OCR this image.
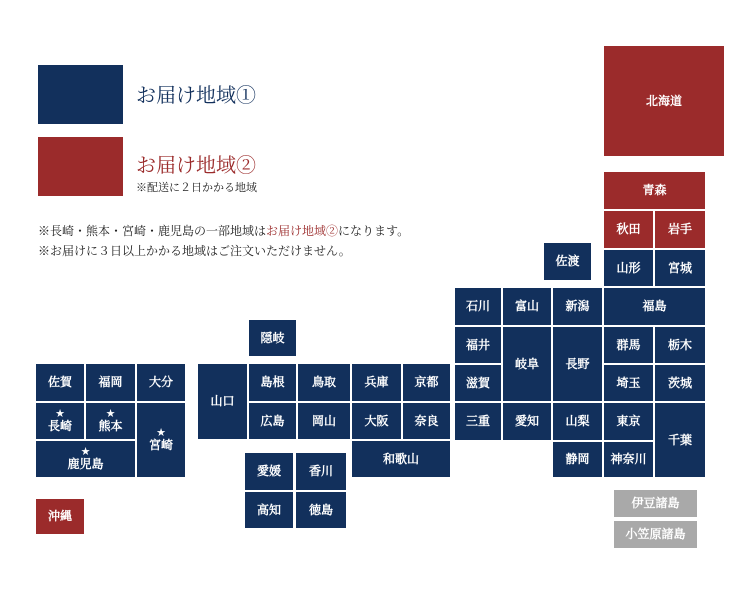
お届け地域①
お届け地域②
※配送に２日かかる地域
※長崎・熊本・宮崎・鹿児島の一部地域はお届け地域②になります。
※お届けに３日以上かかる地域はご注文いただけません。
北海道
青森
秋田	岩手
山形	宮城
福島
佐渡
石川	富山	新潟
福井
岐阜	長野
群馬	栃木
滋賀	埼玉	茨城
三重	愛知	山梨	東京
千葉
静岡	神奈川
伊豆諸島
小笠原諸島
隠岐
島根	鳥取	兵庫	京都
山口
広島	岡山	大阪	奈良
和歌山
愛媛	香川
高知	徳島
佐賀	福岡	大分
★
長崎
★
熊本	★
宮崎
★
鹿児島
沖縄
